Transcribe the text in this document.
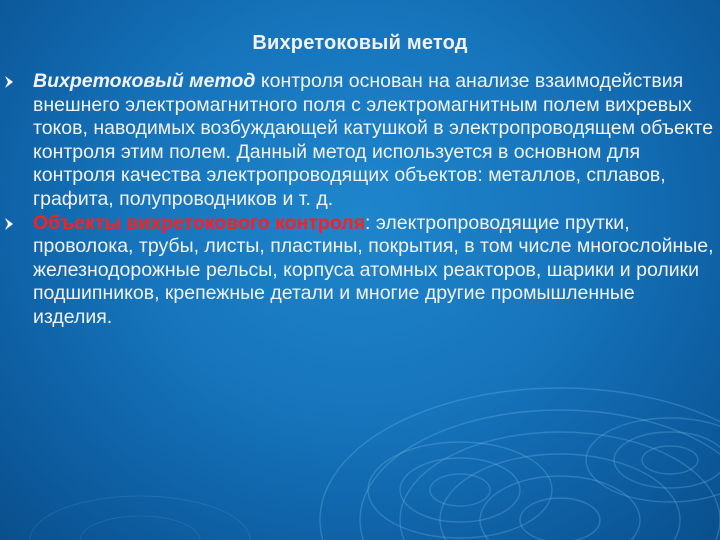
Вихретоковый метод
Вихретоковый метод контроля основан на анализе взаимодействия внешнего электромагнитного поля с электромагнитным полем вихревых токов, наводимых возбуждающей катушкой в электропроводящем объекте контроля этим полем. Данный метод используется в основном для контроля качества электропроводящих объектов: металлов, сплавов, графита, полупроводников и т. д.
Объекты вихретокового контроля: электропроводящие прутки, проволока, трубы, листы, пластины, покрытия, в том числе многослойные, железнодорожные рельсы, корпуса атомных реакторов, шарики и ролики подшипников, крепежные детали и многие другие промышленные изделия.
